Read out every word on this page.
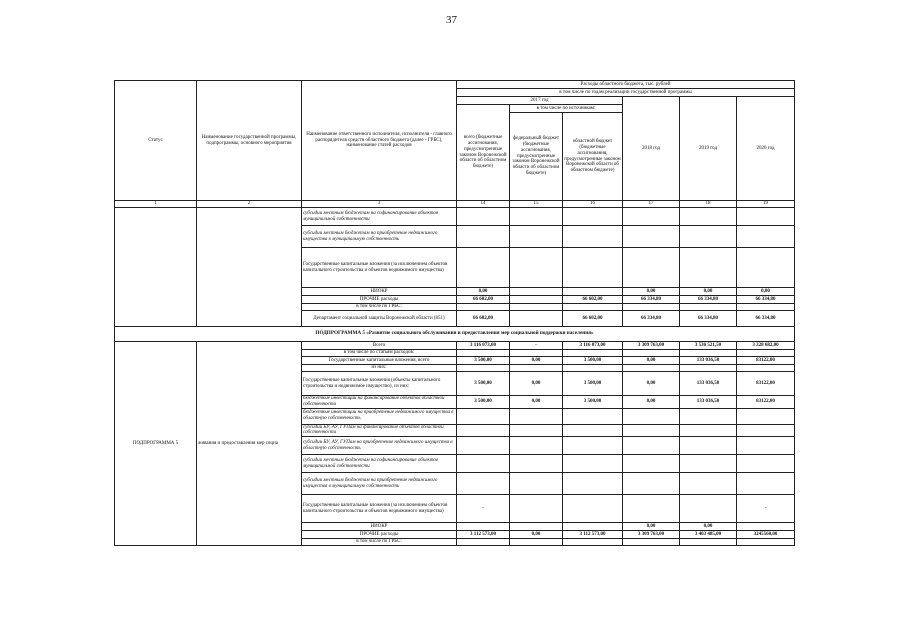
37
Статус	Наименование государственной программы, подпрограммы, основного мероприятия	Наименование ответственного исполнителя, исполнителя - главного распорядителя средств областного бюджета (далее - ГРБС), наименование статей расходов	Расходы областного бюджета, тыс. рублей					
			в том числе по годам реализации государственной программы					
			2017 год			2018 год	2019 год	2020 год
			всего (бюджетные ассигнования, предусмотренные законом Воронежской области об областном бюджете)	в том числе по источникам:				
				федеральный бюджет (бюджетные ассигнования, предусмотренные законом Воронежской области об областном бюджете)	областной бюджет (бюджетные ассигнования, предусмотренные законом Воронежской области об областном бюджете)			
1	2	3	14	15	16	17	18	19
		субсидии местным бюджетам на софинансирование объектов муниципальной собственности						
		субсидии местным бюджетам на приобретение недвижимого имущества в муниципальную собственность						
		Государственные капитальные вложения (за исключением объектов капитального строительства и объектов недвижимого имущества)						
		НИОКР	0,00			0,00	0,00	0,00
		ПРОЧИЕ расходы	66 602,00		66 602,00	66 334,80	66 334,80	66 334,80
		в том числе по ГРБС:						
		Департамент социальной защиты Воронежской области (851)	66 602,00		66 602,00	66 334,80	66 334,80	66 334,80
ПОДПРОГРАММА 5 «Развитие социального обслуживания и предоставления мер социальной поддержки населения»								
ПОДПРОГРАММА 5	живания и предоставления мер социа	Всего	3 116 073,00	-	3 116 073,00	3 309 763,00	3 536 521,50	3 328 682,00
		в том числе по статьям расходов:						
		Государственные капитальные вложения, всего	3 500,00	0,00	3 500,00	0,00	133 036,50	83122,00
		из них:						
		Государственные капитальные вложения (объекты капитального строительства и недвижимое имущество), из них:	3 500,00	0,00	3 500,00	0,00	133 036,50	83122,00
		бюджетные инвестиции на финансирование объектов областной собственности	3 500,00	0,00	3 500,00	0,00	133 036,50	83122,00
		бюджетные инвестиции на приобретение недвижимого имущества в областную собственность						
		субсидии БУ, АУ, ГУПам на финансирование объектов областной собственности						
		субсидии БУ, АУ, ГУПам на приобретение недвижимого имущества в областную собственность						
		субсидии местным бюджетам на софинансирование объектов муниципальной собственности						
		субсидии местным бюджетам на приобретение недвижимого имущества в муниципальную собственность						
		Государственные капитальные вложения (за исключением объектов капитального строительства и объектов недвижимого имущества)	-					-
		НИОКР				0,00	0,00	
		ПРОЧИЕ расходы	3 112 573,00	0,00	3 112 573,00	3 309 763,00	3 403 485,00	3245560,00
		в том числе по ГРБС:						
